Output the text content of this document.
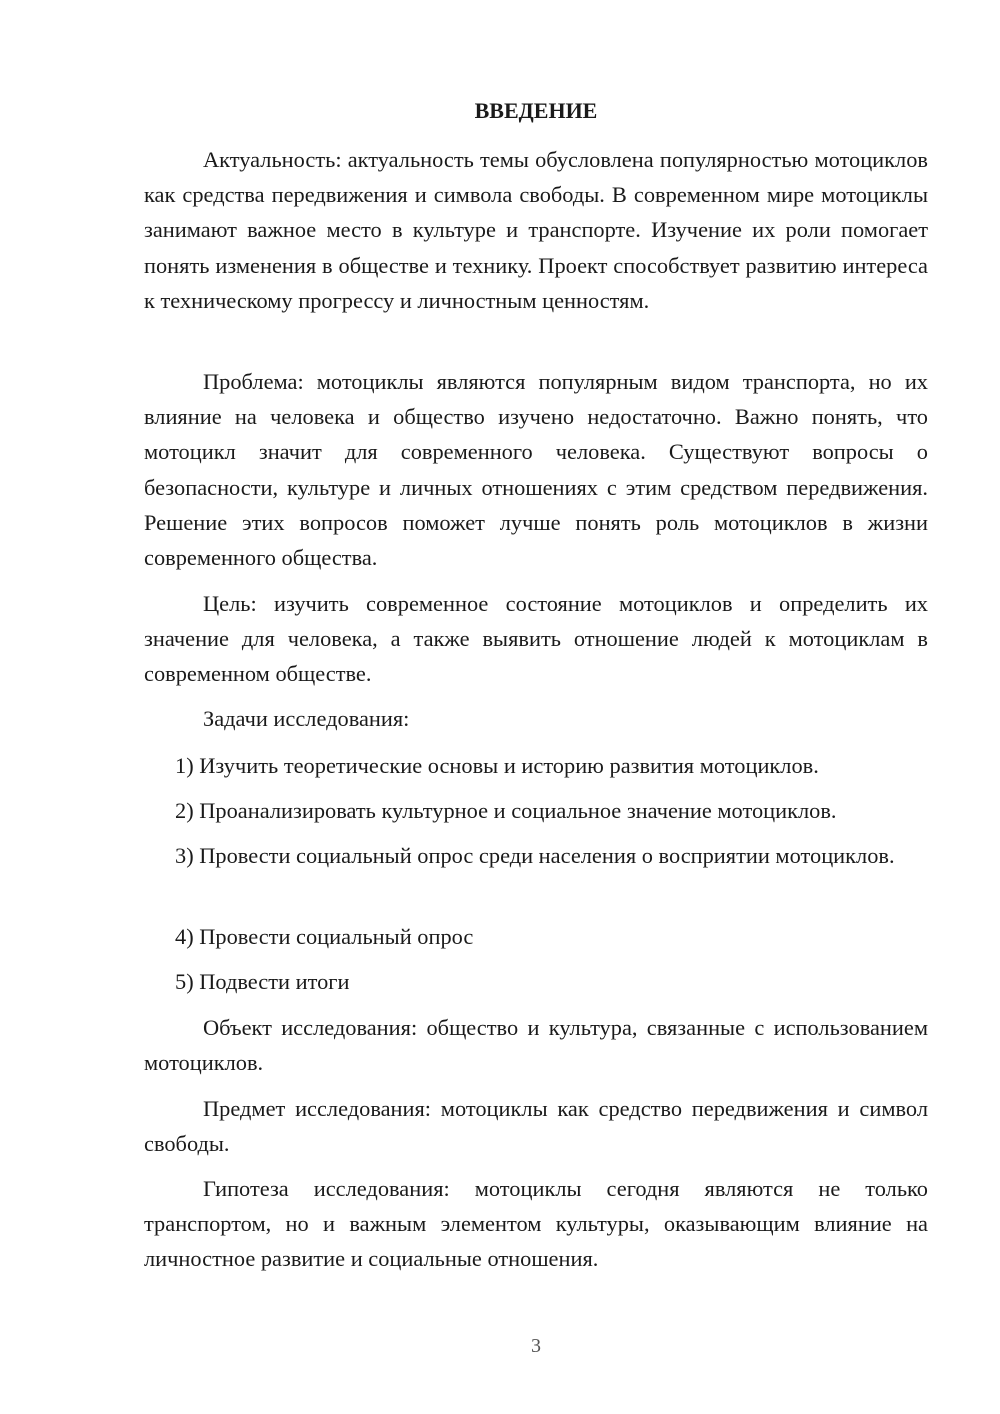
ВВЕДЕНИЕ

Актуальность: актуальность темы обусловлена популярностью мотоциклов как средства передвижения и символа свободы. В современном мире мотоциклы занимают важное место в культуре и транспорте. Изучение их роли помогает понять изменения в обществе и технику. Проект способствует развитию интереса к техническому прогрессу и личностным ценностям.

Проблема: мотоциклы являются популярным видом транспорта, но их влияние на человека и общество изучено недостаточно. Важно понять, что мотоцикл значит для современного человека. Существуют вопросы о безопасности, культуре и личных отношениях с этим средством передвижения. Решение этих вопросов поможет лучше понять роль мотоциклов в жизни современного общества.

Цель: изучить современное состояние мотоциклов и определить их значение для человека, а также выявить отношение людей к мотоциклам в современном обществе.

Задачи исследования:

1) Изучить теоретические основы и историю развития мотоциклов.

2) Проанализировать культурное и социальное значение мотоциклов.

3) Провести социальный опрос среди населения о восприятии мотоциклов.

4) Провести социальный опрос

5) Подвести итоги

Объект исследования: общество и культура, связанные с использованием мотоциклов.

Предмет исследования: мотоциклы как средство передвижения и символ свободы.

Гипотеза исследования: мотоциклы сегодня являются не только транспортом, но и важным элементом культуры, оказывающим влияние на личностное развитие и социальные отношения.

3
